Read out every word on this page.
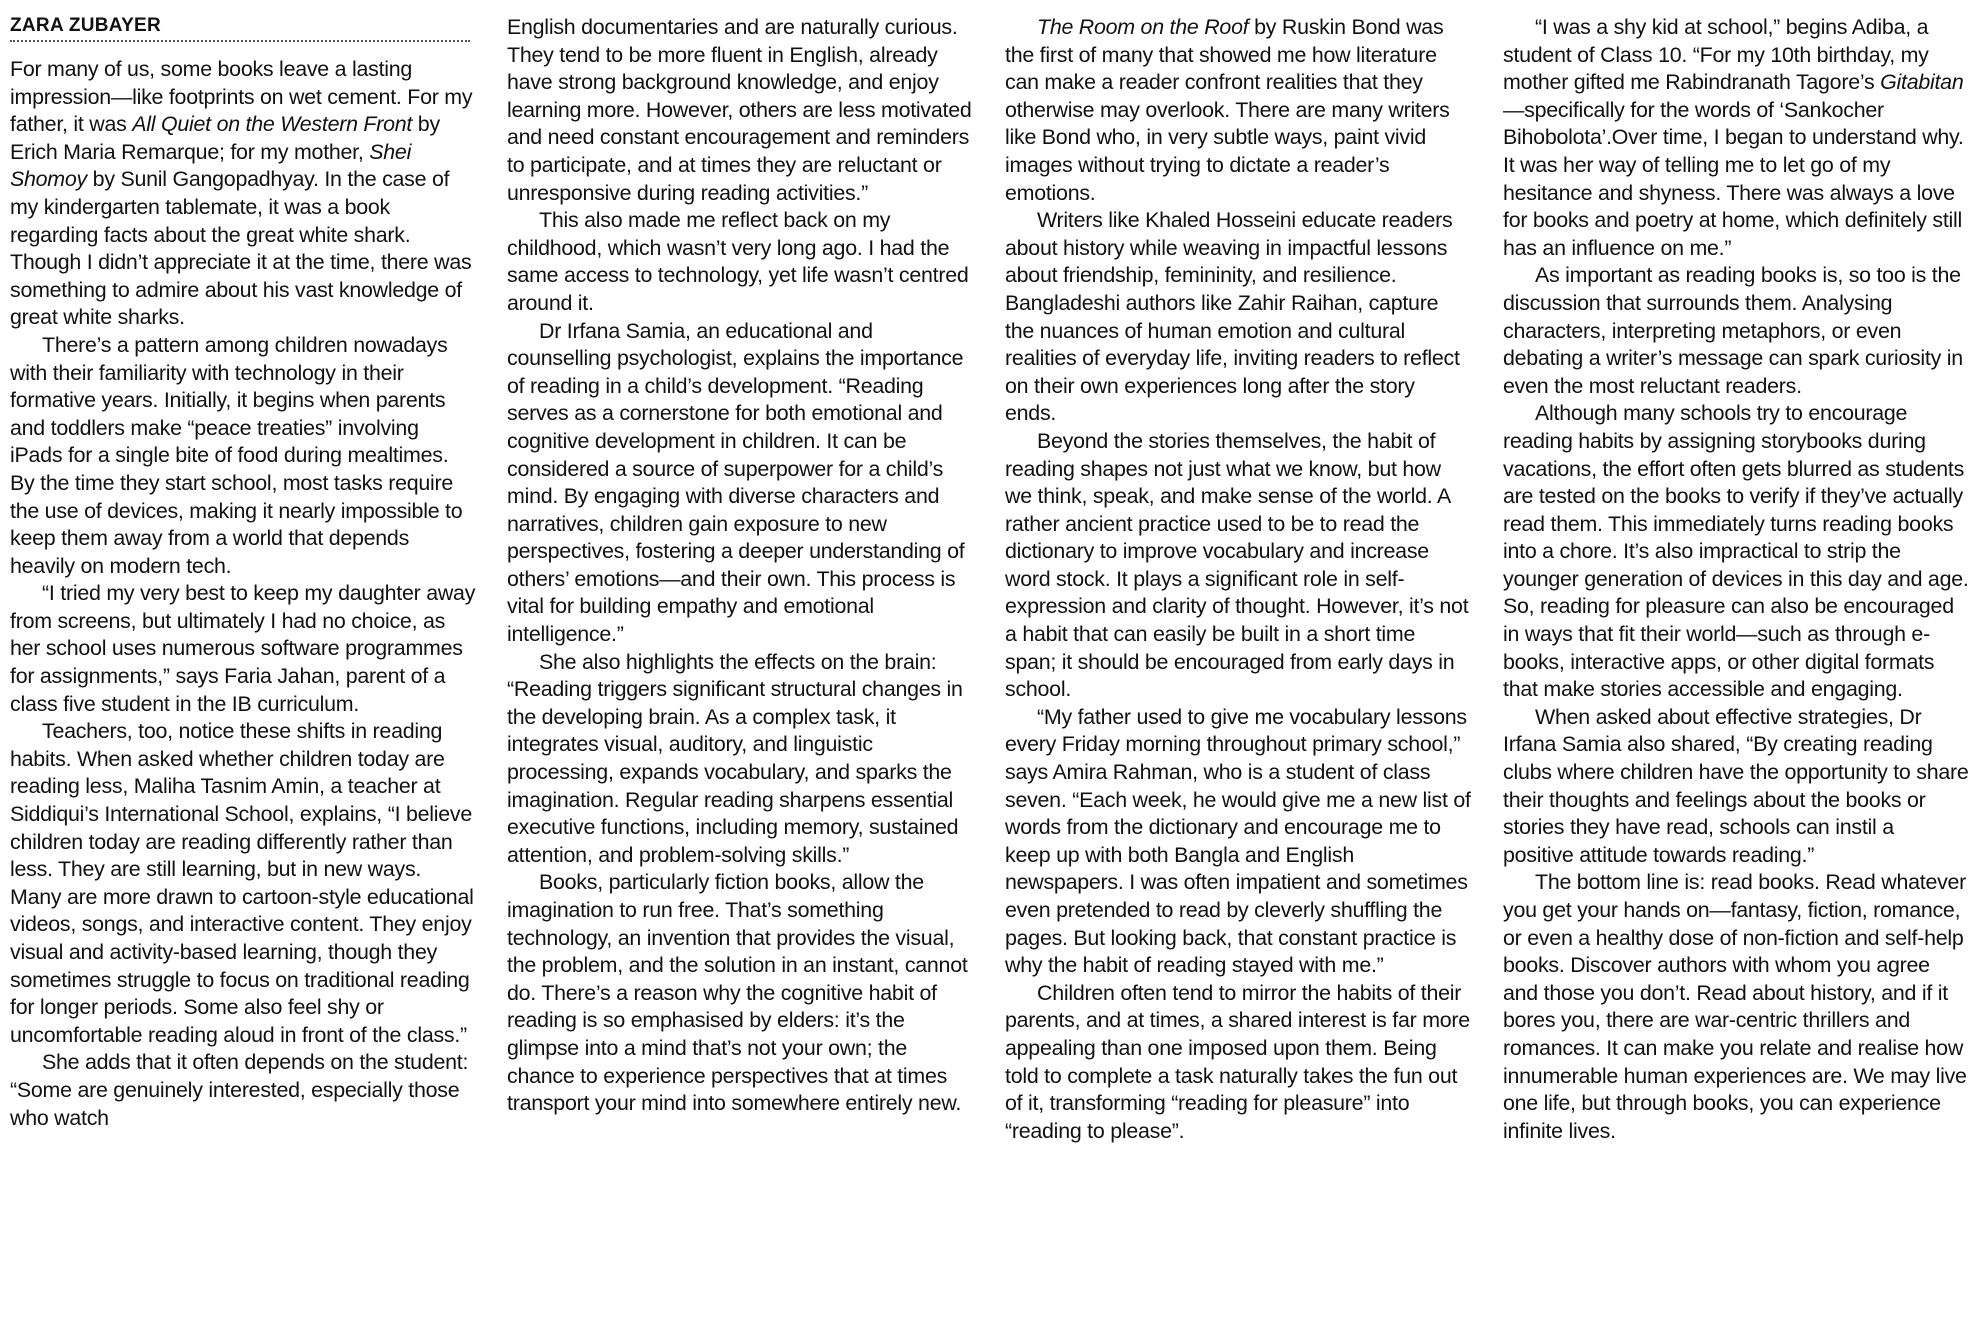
ZARA ZUBAYER

For many of us, some books leave a lasting impression—like footprints on wet cement. For my father, it was All Quiet on the Western Front by Erich Maria Remarque; for my mother, Shei Shomoy by Sunil Gangopadhyay. In the case of my kindergarten tablemate, it was a book regarding facts about the great white shark. Though I didn’t appreciate it at the time, there was something to admire about his vast knowledge of great white sharks.

There’s a pattern among children nowadays with their familiarity with technology in their formative years. Initially, it begins when parents and toddlers make “peace treaties” involving iPads for a single bite of food during mealtimes. By the time they start school, most tasks require the use of devices, making it nearly impossible to keep them away from a world that depends heavily on modern tech.

“I tried my very best to keep my daughter away from screens, but ultimately I had no choice, as her school uses numerous software programmes for assignments,” says Faria Jahan, parent of a class five student in the IB curriculum.

Teachers, too, notice these shifts in reading habits. When asked whether children today are reading less, Maliha Tasnim Amin, a teacher at Siddiqui’s International School, explains, “I believe children today are reading differently rather than less. They are still learning, but in new ways. Many are more drawn to cartoon-style educational videos, songs, and interactive content. They enjoy visual and activity-based learning, though they sometimes struggle to focus on traditional reading for longer periods. Some also feel shy or uncomfortable reading aloud in front of the class.”

She adds that it often depends on the student: “Some are genuinely interested, especially those who watch

English documentaries and are naturally curious. They tend to be more fluent in English, already have strong background knowledge, and enjoy learning more. However, others are less motivated and need constant encouragement and reminders to participate, and at times they are reluctant or unresponsive during reading activities.”

This also made me reflect back on my childhood, which wasn’t very long ago. I had the same access to technology, yet life wasn’t centred around it.

Dr Irfana Samia, an educational and counselling psychologist, explains the importance of reading in a child’s development. “Reading serves as a cornerstone for both emotional and cognitive development in children. It can be considered a source of superpower for a child’s mind. By engaging with diverse characters and narratives, children gain exposure to new perspectives, fostering a deeper understanding of others’ emotions—and their own. This process is vital for building empathy and emotional intelligence.”

She also highlights the effects on the brain: “Reading triggers significant structural changes in the developing brain. As a complex task, it integrates visual, auditory, and linguistic processing, expands vocabulary, and sparks the imagination. Regular reading sharpens essential executive functions, including memory, sustained attention, and problem-solving skills.”

Books, particularly fiction books, allow the imagination to run free. That’s something technology, an invention that provides the visual, the problem, and the solution in an instant, cannot do. There’s a reason why the cognitive habit of reading is so emphasised by elders: it’s the glimpse into a mind that’s not your own; the chance to experience perspectives that at times transport your mind into somewhere entirely new.

The Room on the Roof by Ruskin Bond was the first of many that showed me how literature can make a reader confront realities that they otherwise may overlook. There are many writers like Bond who, in very subtle ways, paint vivid images without trying to dictate a reader’s emotions.

Writers like Khaled Hosseini educate readers about history while weaving in impactful lessons about friendship, femininity, and resilience. Bangladeshi authors like Zahir Raihan, capture the nuances of human emotion and cultural realities of everyday life, inviting readers to reflect on their own experiences long after the story ends.

Beyond the stories themselves, the habit of reading shapes not just what we know, but how we think, speak, and make sense of the world. A rather ancient practice used to be to read the dictionary to improve vocabulary and increase word stock. It plays a significant role in self-expression and clarity of thought. However, it’s not a habit that can easily be built in a short time span; it should be encouraged from early days in school.

“My father used to give me vocabulary lessons every Friday morning throughout primary school,” says Amira Rahman, who is a student of class seven. “Each week, he would give me a new list of words from the dictionary and encourage me to keep up with both Bangla and English newspapers. I was often impatient and sometimes even pretended to read by cleverly shuffling the pages. But looking back, that constant practice is why the habit of reading stayed with me.”

Children often tend to mirror the habits of their parents, and at times, a shared interest is far more appealing than one imposed upon them. Being told to complete a task naturally takes the fun out of it, transforming “reading for pleasure” into “reading to please”.

“I was a shy kid at school,” begins Adiba, a student of Class 10. “For my 10th birthday, my mother gifted me Rabindranath Tagore’s Gitabitan—specifically for the words of ‘Sankocher Bihobolota’.Over time, I began to understand why. It was her way of telling me to let go of my hesitance and shyness. There was always a love for books and poetry at home, which definitely still has an influence on me.”

As important as reading books is, so too is the discussion that surrounds them. Analysing characters, interpreting metaphors, or even debating a writer’s message can spark curiosity in even the most reluctant readers.

Although many schools try to encourage reading habits by assigning storybooks during vacations, the effort often gets blurred as students are tested on the books to verify if they’ve actually read them. This immediately turns reading books into a chore. It’s also impractical to strip the younger generation of devices in this day and age. So, reading for pleasure can also be encouraged in ways that fit their world—such as through e-books, interactive apps, or other digital formats that make stories accessible and engaging.

When asked about effective strategies, Dr Irfana Samia also shared, “By creating reading clubs where children have the opportunity to share their thoughts and feelings about the books or stories they have read, schools can instil a positive attitude towards reading.”

The bottom line is: read books. Read whatever you get your hands on—fantasy, fiction, romance, or even a healthy dose of non-fiction and self-help books. Discover authors with whom you agree and those you don’t. Read about history, and if it bores you, there are war-centric thrillers and romances. It can make you relate and realise how innumerable human experiences are. We may live one life, but through books, you can experience infinite lives.
